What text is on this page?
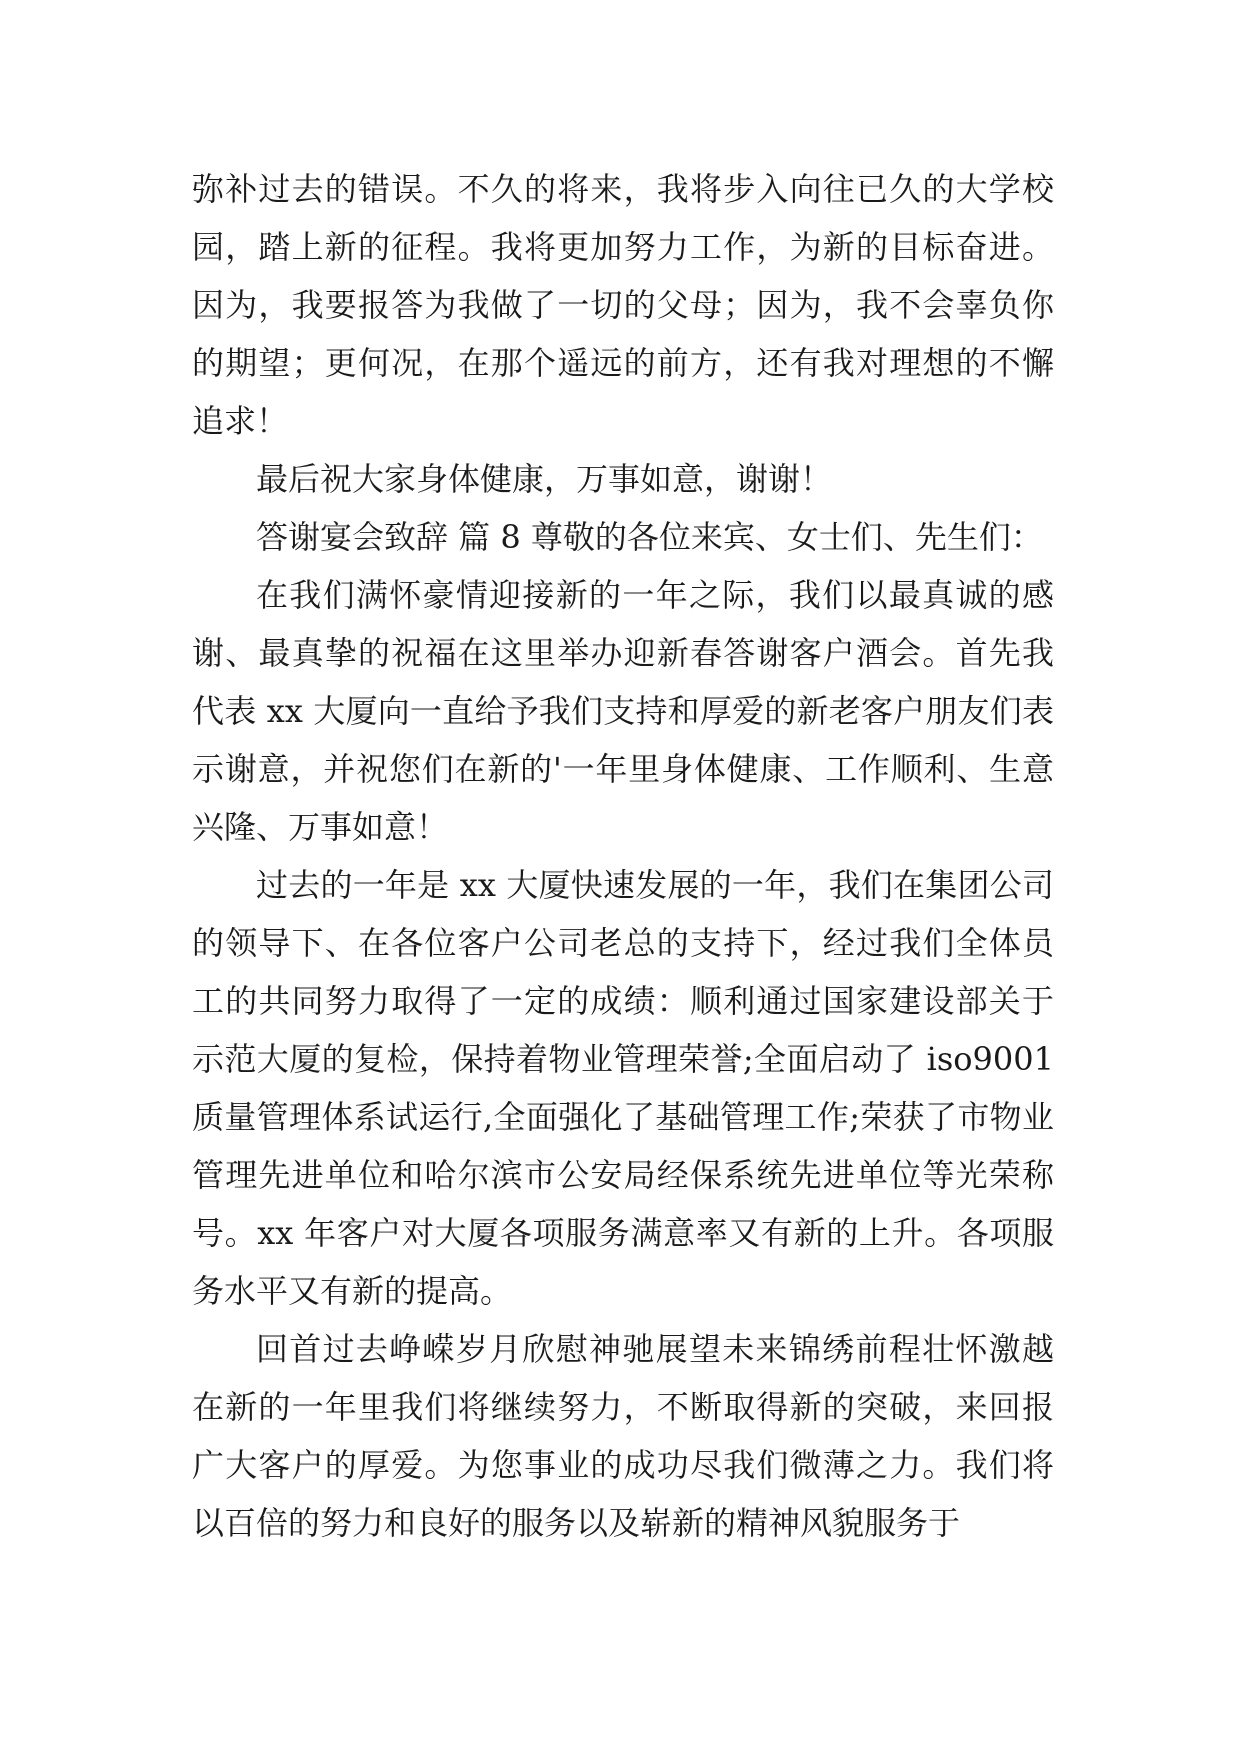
弥补过去的错误。不久的将来，我将步入向往已久的大学校园，踏上新的征程。我将更加努力工作，为新的目标奋进。因为，我要报答为我做了一切的父母；因为，我不会辜负你的期望；更何况，在那个遥远的前方，还有我对理想的不懈追求！

最后祝大家身体健康，万事如意，谢谢！

答谢宴会致辞 篇 8 尊敬的各位来宾、女士们、先生们：

在我们满怀豪情迎接新的一年之际，我们以最真诚的感谢、最真挚的祝福在这里举办迎新春答谢客户酒会。首先我代表 xx 大厦向一直给予我们支持和厚爱的新老客户朋友们表示谢意，并祝您们在新的'一年里身体健康、工作顺利、生意兴隆、万事如意！

过去的一年是 xx 大厦快速发展的一年，我们在集团公司的领导下、在各位客户公司老总的支持下，经过我们全体员工的共同努力取得了一定的成绩：顺利通过国家建设部关于示范大厦的复检，保持着物业管理荣誉;全面启动了 iso9001 质量管理体系试运行,全面强化了基础管理工作;荣获了市物业管理先进单位和哈尔滨市公安局经保系统先进单位等光荣称号。xx 年客户对大厦各项服务满意率又有新的上升。各项服务水平又有新的提高。

回首过去峥嵘岁月欣慰神驰展望未来锦绣前程壮怀激越在新的一年里我们将继续努力，不断取得新的突破，来回报广大客户的厚爱。为您事业的成功尽我们微薄之力。我们将以百倍的努力和良好的服务以及崭新的精神风貌服务于
